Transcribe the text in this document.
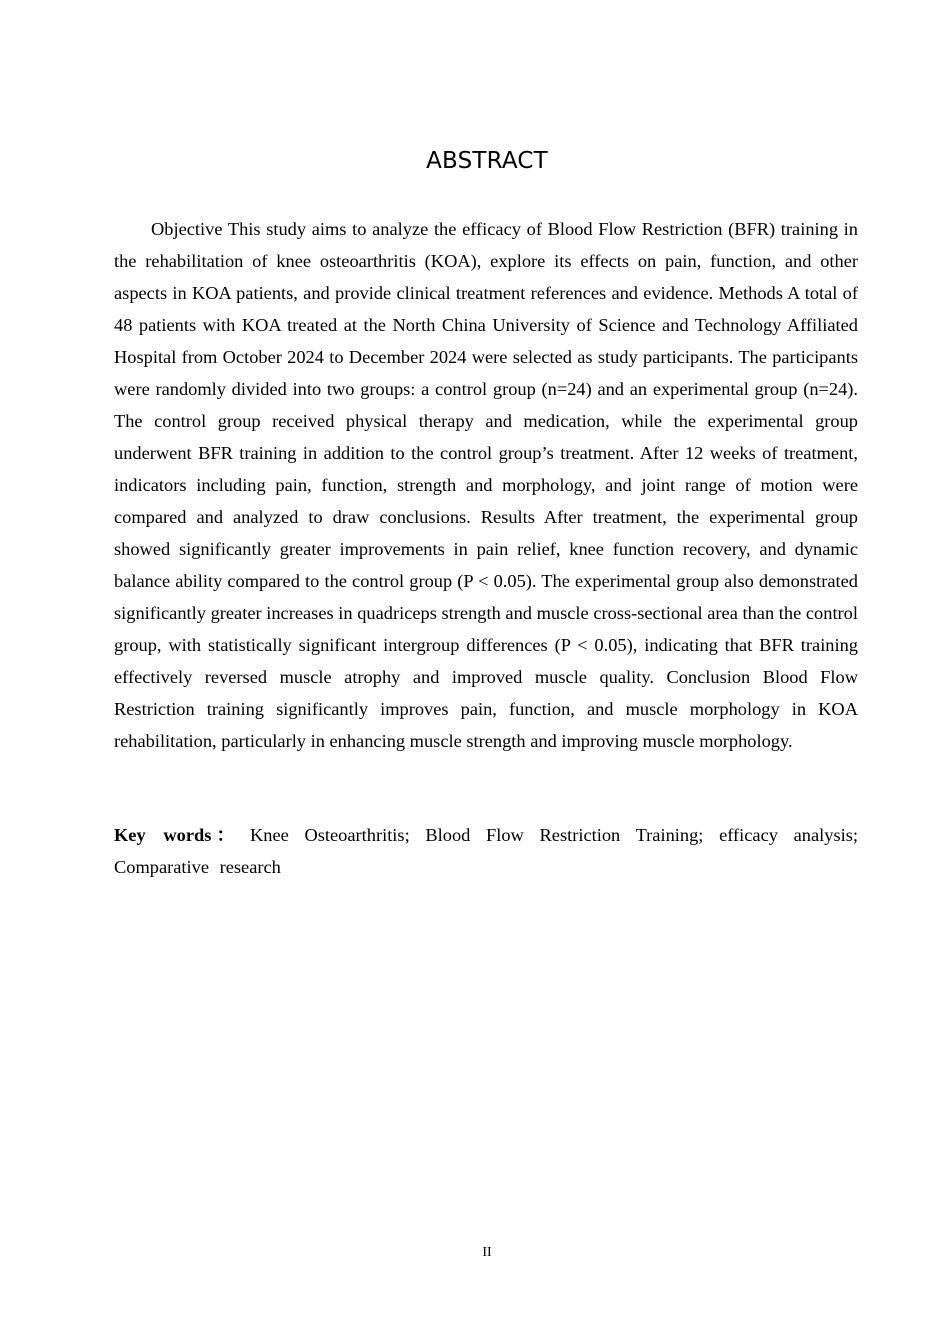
ABSTRACT

Objective This study aims to analyze the efficacy of Blood Flow Restriction (BFR) training in the rehabilitation of knee osteoarthritis (KOA), explore its effects on pain, function, and other aspects in KOA patients, and provide clinical treatment references and evidence. Methods A total of 48 patients with KOA treated at the North China University of Science and Technology Affiliated Hospital from October 2024 to December 2024 were selected as study participants. The participants were randomly divided into two groups: a control group (n=24) and an experimental group (n=24). The control group received physical therapy and medication, while the experimental group underwent BFR training in addition to the control group’s treatment. After 12 weeks of treatment, indicators including pain, function, strength and morphology, and joint range of motion were compared and analyzed to draw conclusions. Results After treatment, the experimental group showed significantly greater improvements in pain relief, knee function recovery, and dynamic balance ability compared to the control group (P < 0.05). The experimental group also demonstrated significantly greater increases in quadriceps strength and muscle cross-sectional area than the control group, with statistically significant intergroup differences (P < 0.05), indicating that BFR training effectively reversed muscle atrophy and improved muscle quality. Conclusion Blood Flow Restriction training significantly improves pain, function, and muscle morphology in KOA rehabilitation, particularly in enhancing muscle strength and improving muscle morphology.

Key words： Knee Osteoarthritis; Blood Flow Restriction Training; efficacy analysis; Comparative research

II
